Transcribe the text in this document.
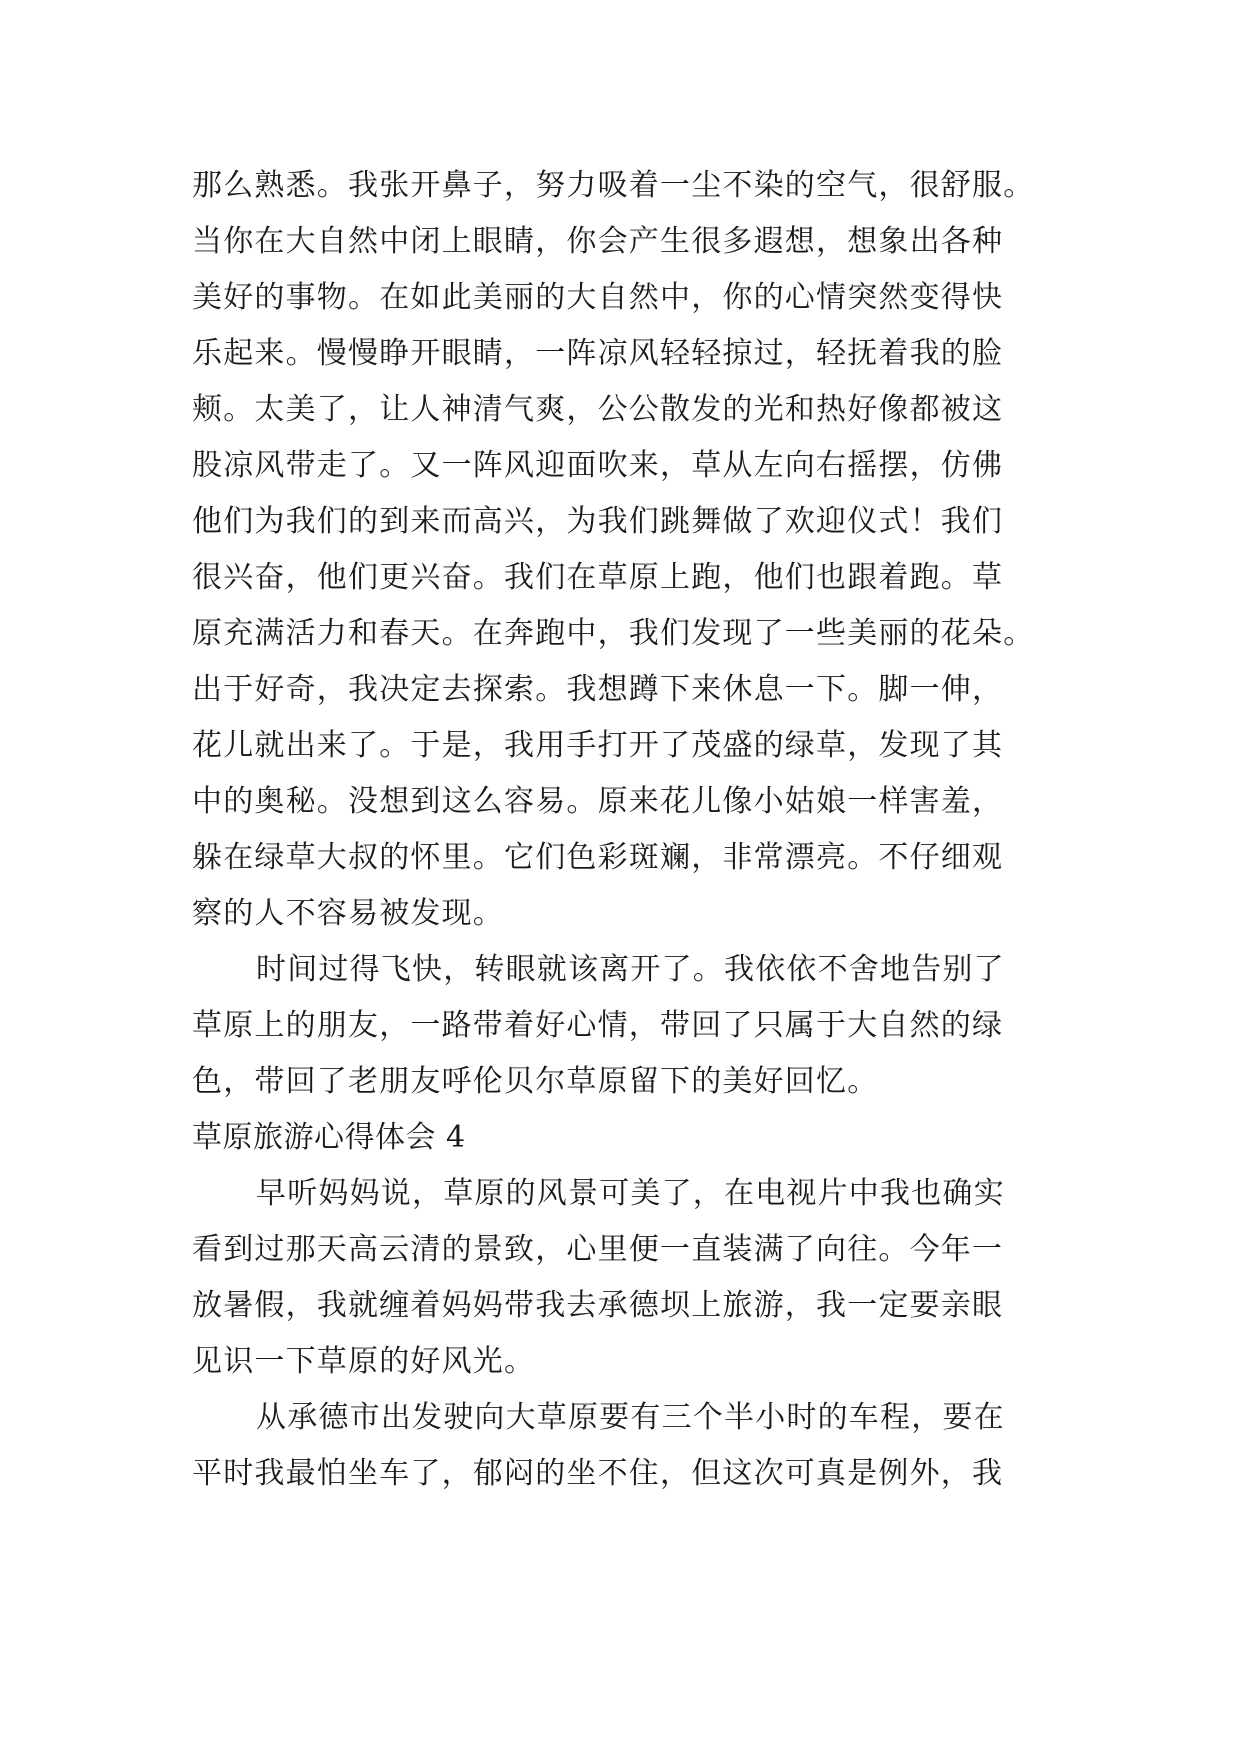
那么熟悉。我张开鼻子，努力吸着一尘不染的空气，很舒服。
当你在大自然中闭上眼睛，你会产生很多遐想，想象出各种
美好的事物。在如此美丽的大自然中，你的心情突然变得快
乐起来。慢慢睁开眼睛，一阵凉风轻轻掠过，轻抚着我的脸
颊。太美了，让人神清气爽，公公散发的光和热好像都被这
股凉风带走了。又一阵风迎面吹来，草从左向右摇摆，仿佛
他们为我们的到来而高兴，为我们跳舞做了欢迎仪式！我们
很兴奋，他们更兴奋。我们在草原上跑，他们也跟着跑。草
原充满活力和春天。在奔跑中，我们发现了一些美丽的花朵。
出于好奇，我决定去探索。我想蹲下来休息一下。脚一伸，
花儿就出来了。于是，我用手打开了茂盛的绿草，发现了其
中的奥秘。没想到这么容易。原来花儿像小姑娘一样害羞，
躲在绿草大叔的怀里。它们色彩斑斓，非常漂亮。不仔细观
察的人不容易被发现。
时间过得飞快，转眼就该离开了。我依依不舍地告别了
草原上的朋友，一路带着好心情，带回了只属于大自然的绿
色，带回了老朋友呼伦贝尔草原留下的美好回忆。
草原旅游心得体会 4
早听妈妈说，草原的风景可美了，在电视片中我也确实
看到过那天高云清的景致，心里便一直装满了向往。今年一
放暑假，我就缠着妈妈带我去承德坝上旅游，我一定要亲眼
见识一下草原的好风光。
从承德市出发驶向大草原要有三个半小时的车程，要在
平时我最怕坐车了，郁闷的坐不住，但这次可真是例外，我
